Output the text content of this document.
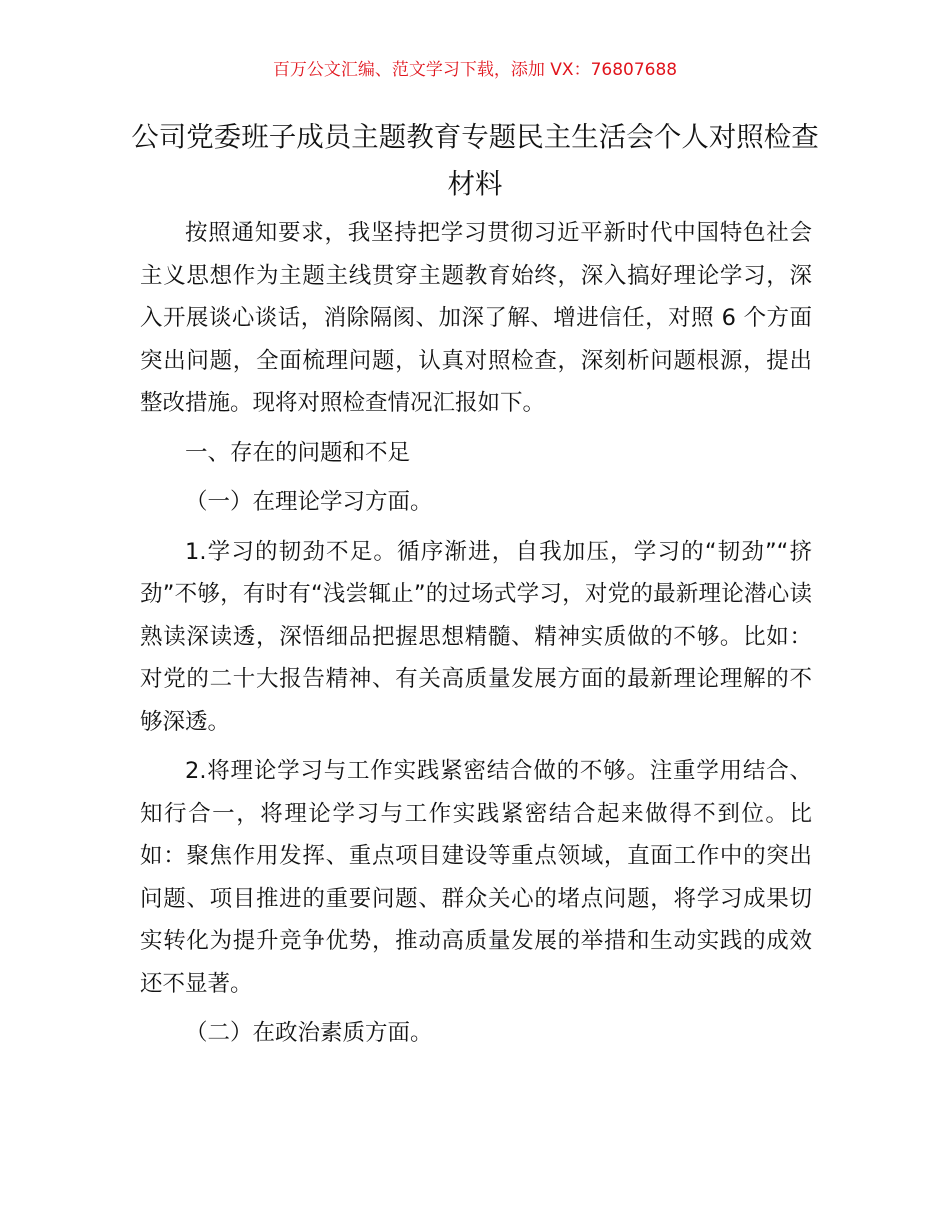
百万公文汇编、范文学习下载，添加 VX：76807688
公司党委班子成员主题教育专题民主生活会个人对照检查材料

按照通知要求，我坚持把学习贯彻习近平新时代中国特色社会主义思想作为主题主线贯穿主题教育始终，深入搞好理论学习，深入开展谈心谈话，消除隔阂、加深了解、增进信任，对照 6 个方面突出问题，全面梳理问题，认真对照检查，深刻析问题根源，提出整改措施。现将对照检查情况汇报如下。

一、存在的问题和不足

（一）在理论学习方面。

1.学习的韧劲不足。循序渐进，自我加压，学习的“韧劲”“挤劲”不够，有时有“浅尝辄止”的过场式学习，对党的最新理论潜心读熟读深读透，深悟细品把握思想精髓、精神实质做的不够。比如：对党的二十大报告精神、有关高质量发展方面的最新理论理解的不够深透。

2.将理论学习与工作实践紧密结合做的不够。注重学用结合、知行合一，将理论学习与工作实践紧密结合起来做得不到位。比如：聚焦作用发挥、重点项目建设等重点领域，直面工作中的突出问题、项目推进的重要问题、群众关心的堵点问题，将学习成果切实转化为提升竞争优势，推动高质量发展的举措和生动实践的成效还不显著。

（二）在政治素质方面。
